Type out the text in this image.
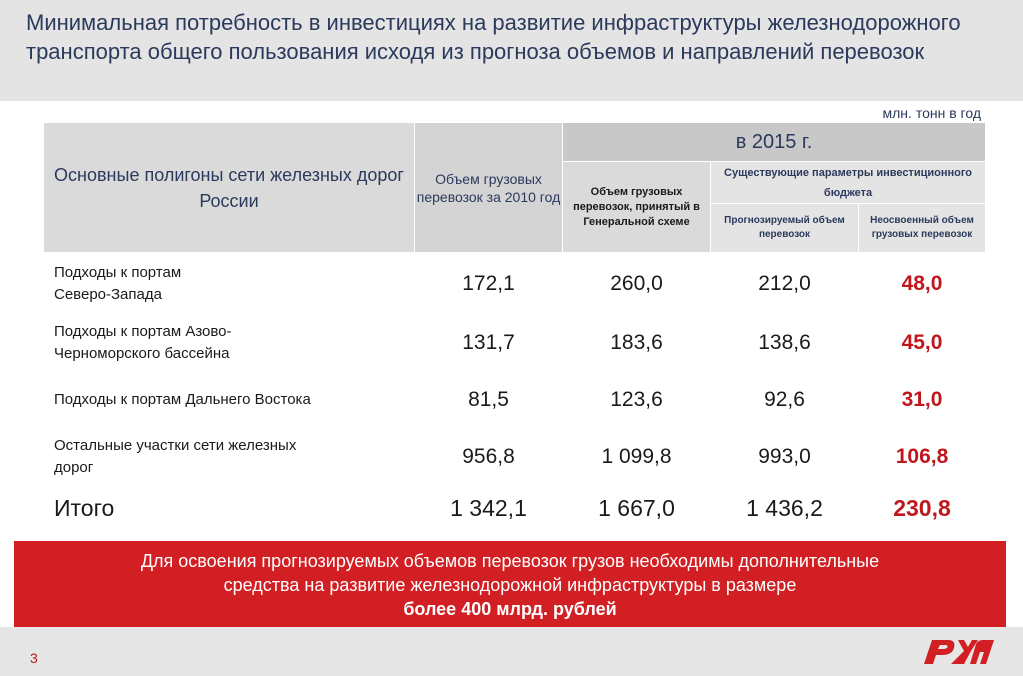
Минимальная потребность в инвестициях на развитие инфраструктуры железнодорожного транспорта общего пользования исходя из прогноза объемов и направлений перевозок
млн. тонн в год
Основные полигоны сети железных дорог России	Объем грузовых перевозок за 2010 год	в 2015 г.		
		Объем грузовых перевозок, принятый в Генеральной схеме	Существующие параметры инвестиционного бюджета	
			Прогнозируемый объем перевозок	Неосвоенный объем грузовых перевозок

Подходы к портам
Северо-Запада	172,1	260,0	212,0	48,0

Подходы к портам Азово-
Черноморского бассейна	131,7	183,6	138,6	45,0

Подходы к портам Дальнего Востока	81,5	123,6	92,6	31,0

Остальные участки сети железных
дорог	956,8	1 099,8	993,0	106,8
Итого	1 342,1	1 667,0	1 436,2	230,8
Для освоения прогнозируемых объемов перевозок грузов необходимы дополнительные
средства на развитие железнодорожной инфраструктуры в размере
более 400 млрд. рублей
3
